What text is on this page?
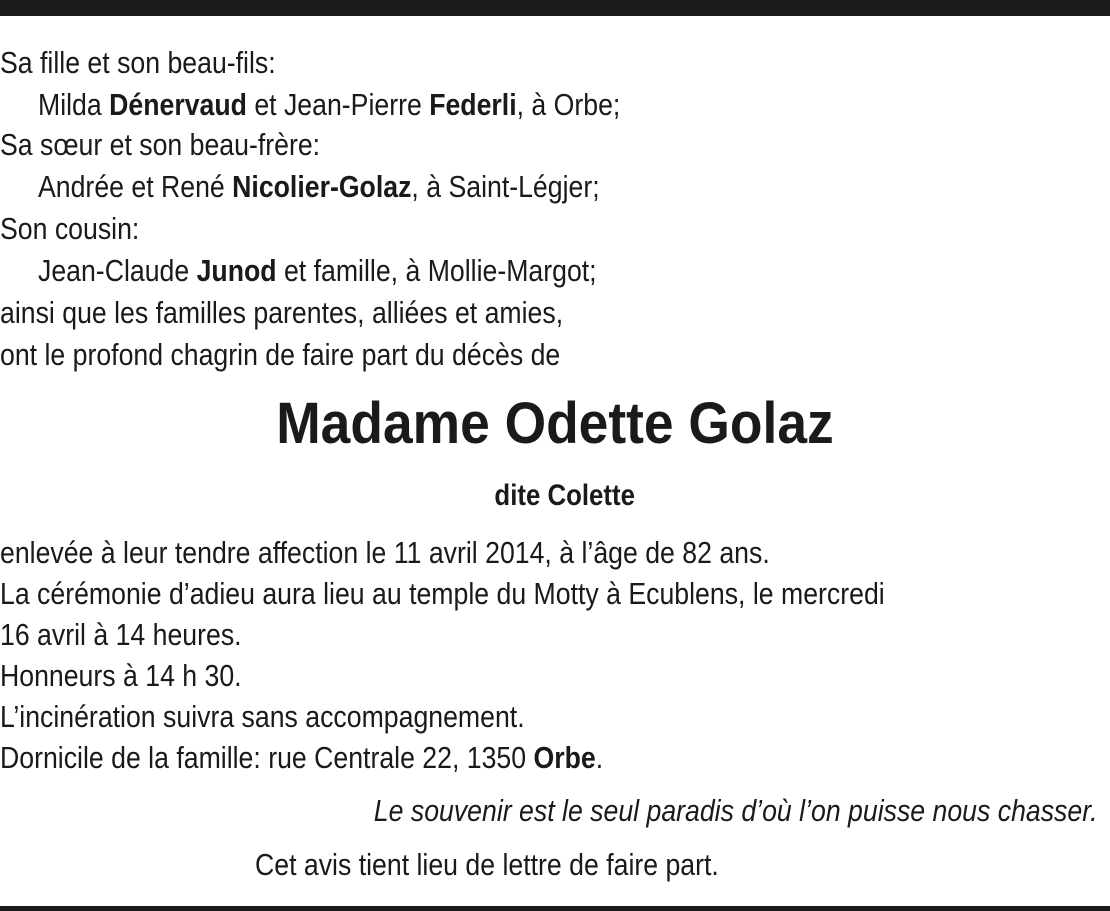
Sa fille et son beau-fils:
Milda Dénervaud et Jean-Pierre Federli, à Orbe;
Sa sœur et son beau-frère:
Andrée et René Nicolier-Golaz, à Saint-Légjer;
Son cousin:
Jean-Claude Junod et famille, à Mollie-Margot;
ainsi que les familles parentes, alliées et amies,
ont le profond chagrin de faire part du décès de
Madame Odette Golaz
dite Colette
enlevée à leur tendre affection le 11 avril 2014, à l’âge de 82 ans.
La cérémonie d’adieu aura lieu au temple du Motty à Ecublens, le mercredi
16 avril à 14 heures.
Honneurs à 14 h 30.
L’incinération suivra sans accompagnement.
Dornicile de la famille: rue Centrale 22, 1350 Orbe.
Le souvenir est le seul paradis d’où l’on puisse nous chasser.
Cet avis tient lieu de lettre de faire part.
